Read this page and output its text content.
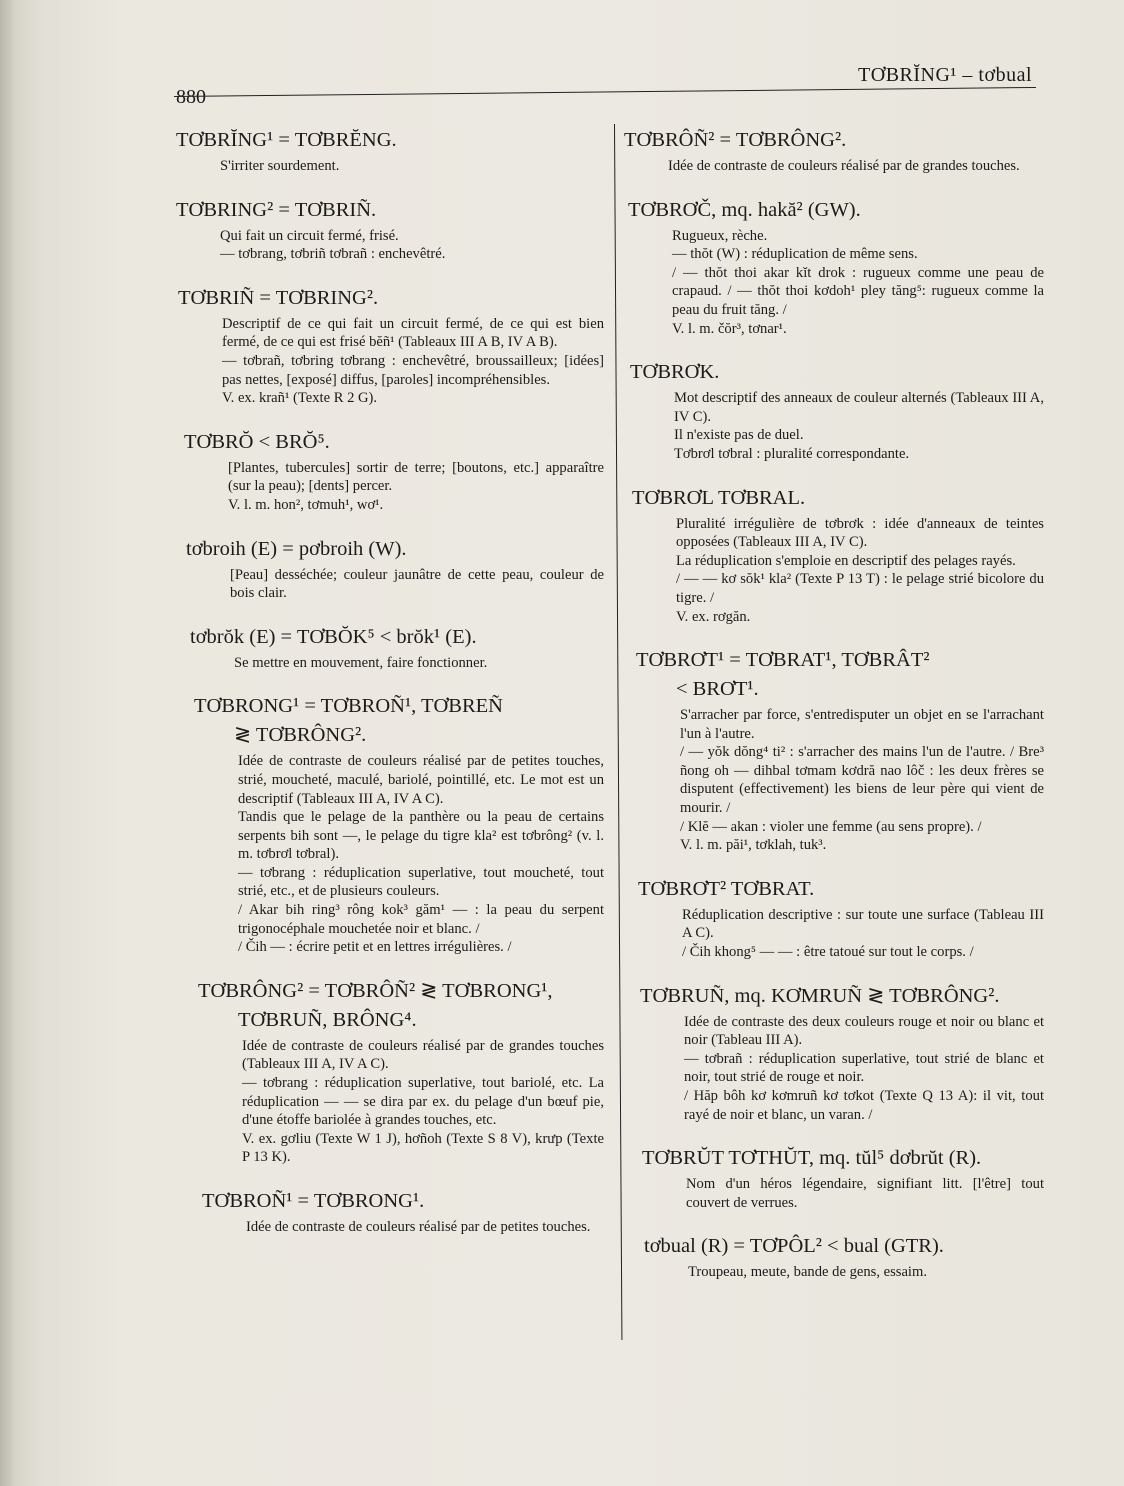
880
TƠBRĬNG¹ – tơbual
TƠBRĬNG¹ = TƠBRĔNG.

S'irriter sourdement.

TƠBRING² = TƠBRIÑ.

Qui fait un circuit fermé, frisé.

— tơbrang, tơbriñ tơbrañ : enchevêtré.

TƠBRIÑ = TƠBRING².

Descriptif de ce qui fait un circuit fermé, de ce qui est bien fermé, de ce qui est frisé bĕñ¹ (Tableaux III A B, IV A B).

— tơbrañ, tơbring tơbrang : enchevêtré, broussailleux; [idées] pas nettes, [exposé] diffus, [paroles] incompréhensibles.

V. ex. krañ¹ (Texte R 2 G).

TƠBRŎ < BRŎ⁵.

[Plantes, tubercules] sortir de terre; [boutons, etc.] apparaître (sur la peau); [dents] percer.

V. l. m. hon², tơmuh¹, wơ¹.

tơbroih (E) = pơbroih (W).

[Peau] desséchée; couleur jaunâtre de cette peau, couleur de bois clair.

tơbrŏk (E) = TƠBŎK⁵ < brŏk¹ (E).

Se mettre en mouvement, faire fonctionner.

TƠBRONG¹ = TƠBROÑ¹, TƠBREÑ
≷ TƠBRÔNG².

Idée de contraste de couleurs réalisé par de petites touches, strié, moucheté, maculé, bariolé, pointillé, etc. Le mot est un descriptif (Tableaux III A, IV A C).

Tandis que le pelage de la panthère ou la peau de certains serpents bih sont —, le pelage du tigre kla² est tơbrông² (v. l. m. tơbrơl tơbral).

— tơbrang : réduplication superlative, tout moucheté, tout strié, etc., et de plusieurs couleurs.

/ Akar bih ring³ rông kok³ găm¹ — : la peau du serpent trigonocéphale mouchetée noir et blanc. /

/ Čih — : écrire petit et en lettres irrégulières. /

TƠBRÔNG² = TƠBRÔÑ² ≷ TƠBRONG¹,
TƠBRUÑ, BRÔNG⁴.

Idée de contraste de couleurs réalisé par de grandes touches (Tableaux III A, IV A C).

— tơbrang : réduplication superlative, tout bariolé, etc. La réduplication — — se dira par ex. du pelage d'un bœuf pie, d'une étoffe bariolée à grandes touches, etc.

V. ex. gơliu (Texte W 1 J), hơñoh (Texte S 8 V), krưp (Texte P 13 K).

TƠBROÑ¹ = TƠBRONG¹.

Idée de contraste de couleurs réalisé par de petites touches.

TƠBRÔÑ² = TƠBRÔNG².

Idée de contraste de couleurs réalisé par de grandes touches.

TƠBRƠČ, mq. hakă² (GW).

Rugueux, rèche.

— thŏt (W) : réduplication de même sens.

/ — thŏt thoi akar kĭt drok : rugueux comme une peau de crapaud. / — thŏt thoi kơdoh¹ pley tăng⁵: rugueux comme la peau du fruit tăng. /

V. l. m. čŏr³, tơnar¹.

TƠBRƠK.

Mot descriptif des anneaux de couleur alternés (Tableaux III A, IV C).

Il n'existe pas de duel.

Tơbrơl tơbral : pluralité correspondante.

TƠBRƠL TƠBRAL.

Pluralité irrégulière de tơbrơk : idée d'anneaux de teintes opposées (Tableaux III A, IV C).

La réduplication s'emploie en descriptif des pelages rayés.

/ — — kơ sŏk¹ kla² (Texte P 13 T) : le pelage strié bicolore du tigre. /

V. ex. rơgăn.

TƠBRƠT¹ = TƠBRAT¹, TƠBRÂT²
< BRƠT¹.

S'arracher par force, s'entredisputer un objet en se l'arrachant l'un à l'autre.

/ — yŏk dŏng⁴ ti² : s'arracher des mains l'un de l'autre. / Bre³ ñong oh — dihbal tơmam kơdră nao lôč : les deux frères se disputent (effectivement) les biens de leur père qui vient de mourir. /

/ Klĕ — akan : violer une femme (au sens propre). /

V. l. m. păi¹, tơklah, tuk³.

TƠBRƠT² TƠBRAT.

Réduplication descriptive : sur toute une surface (Tableau III A C).

/ Čih khong⁵ — — : être tatoué sur tout le corps. /

TƠBRUÑ, mq. KƠMRUÑ ≷ TƠBRÔNG².

Idée de contraste des deux couleurs rouge et noir ou blanc et noir (Tableau III A).

— tơbrañ : réduplication superlative, tout strié de blanc et noir, tout strié de rouge et noir.

/ Hăp bôh kơ kơmruñ kơ tơkot (Texte Q 13 A): il vit, tout rayé de noir et blanc, un varan. /

TƠBRŬT TƠTHŬT, mq. tŭl⁵ dơbrŭt (R).

Nom d'un héros légendaire, signifiant litt. [l'être] tout couvert de verrues.

tơbual (R) = TƠPÔL² < bual (GTR).

Troupeau, meute, bande de gens, essaim.
